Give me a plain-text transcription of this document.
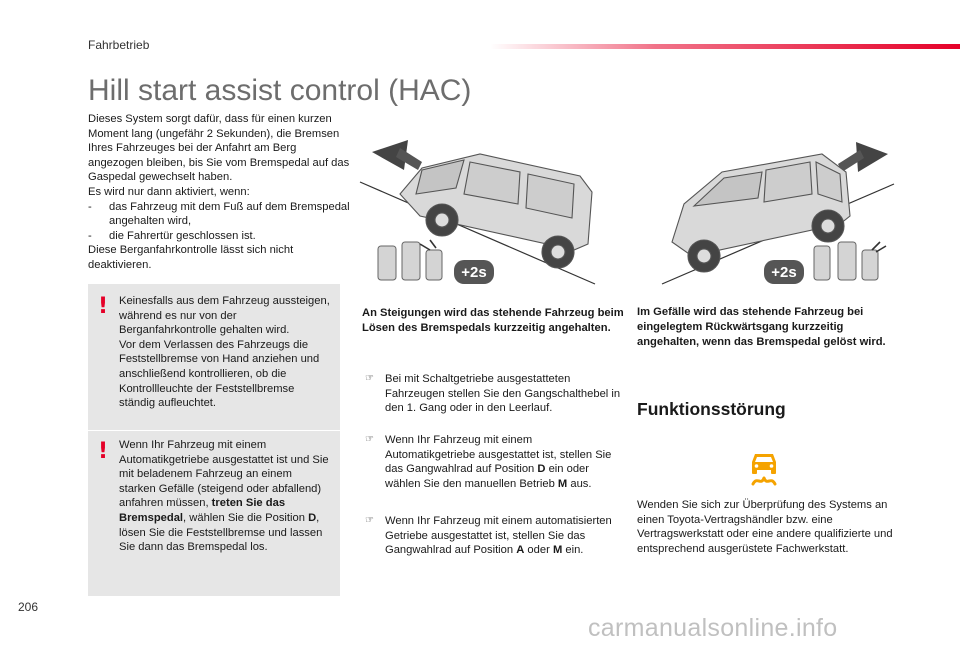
Fahrbetrieb
Hill start assist control (HAC)
Dieses System sorgt dafür, dass für einen kurzen Moment lang (ungefähr 2 Sekunden), die Bremsen Ihres Fahrzeuges bei der Anfahrt am Berg angezogen bleiben, bis Sie vom Bremspedal auf das Gaspedal gewechselt haben.
Es wird nur dann aktiviert, wenn:
-	das Fahrzeug mit dem Fuß auf dem Bremspedal angehalten wird,
-	die Fahrertür geschlossen ist.
Diese Berganfahrkontrolle lässt sich nicht deaktivieren.
! Keinesfalls aus dem Fahrzeug aussteigen, während es nur von der Berganfahrkontrolle gehalten wird.
Vor dem Verlassen des Fahrzeugs die Feststellbremse von Hand anziehen und anschließend kontrollieren, ob die Kontrollleuchte der Feststellbremse ständig aufleuchtet.
! Wenn Ihr Fahrzeug mit einem Automatikgetriebe ausgestattet ist und Sie mit beladenem Fahrzeug an einem starken Gefälle (steigend oder abfallend) anfahren müssen, treten Sie das Bremspedal, wählen Sie die Position D, lösen Sie die Feststellbremse und lassen Sie dann das Bremspedal los.
+2s	+2s
An Steigungen wird das stehende Fahrzeug beim Lösen des Bremspedals kurzzeitig angehalten.
Im Gefälle wird das stehende Fahrzeug bei eingelegtem Rückwärtsgang kurzzeitig angehalten, wenn das Bremspedal gelöst wird.
☞ Bei mit Schaltgetriebe ausgestatteten Fahrzeugen stellen Sie den Gangschalthebel in den 1. Gang oder in den Leerlauf.
☞ Wenn Ihr Fahrzeug mit einem Automatikgetriebe ausgestattet ist, stellen Sie das Gangwahlrad auf Position D ein oder wählen Sie den manuellen Betrieb M aus.
☞ Wenn Ihr Fahrzeug mit einem automatisierten Getriebe ausgestattet ist, stellen Sie das Gangwahlrad auf Position A oder M ein.
Funktionsstörung
Wenden Sie sich zur Überprüfung des Systems an einen Toyota-Vertragshändler bzw. eine Vertragswerkstatt oder eine andere qualifizierte und entsprechend ausgerüstete Fachwerkstatt.
206
carmanualsonline.info
